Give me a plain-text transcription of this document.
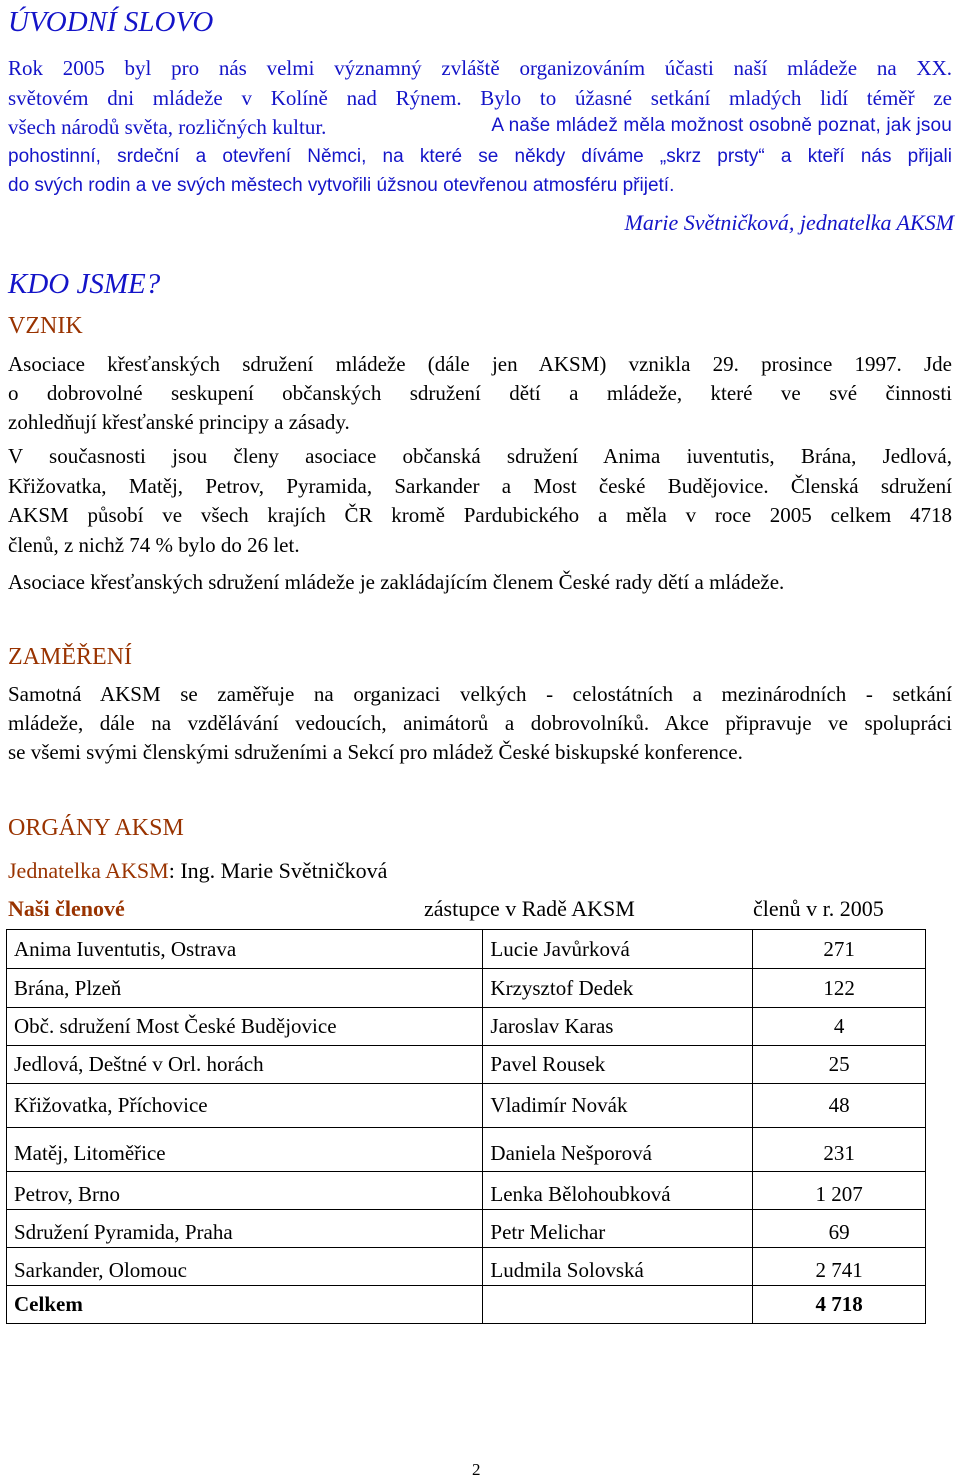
ÚVODNÍ SLOVO
Rok 2005 byl pro nás velmi významný zvláště organizováním účasti naší mládeže na XX.
světovém dni mládeže v Kolíně nad Rýnem. Bylo to úžasné setkání mladých lidí téměř ze
všech národů světa, rozličných kultur.	A naše mládež měla možnost osobně poznat, jak jsou
pohostinní, srdeční a otevření Němci, na které se někdy díváme „skrz prsty“ a kteří nás přijali
do svých rodin a ve svých městech vytvořili úžsnou otevřenou atmosféru přijetí.
Marie Světničková, jednatelka AKSM
KDO JSME?
VZNIK
Asociace křesťanských sdružení mládeže (dále jen AKSM) vznikla 29. prosince 1997. Jde
o dobrovolné seskupení občanských sdružení dětí a mládeže, které ve své činnosti
zohledňují křesťanské principy a zásady.
V současnosti jsou členy asociace občanská sdružení Anima iuventutis, Brána, Jedlová,
Křižovatka, Matěj, Petrov, Pyramida, Sarkander a Most české Budějovice. Členská sdružení
AKSM působí ve všech krajích ČR kromě Pardubického a měla v roce 2005 celkem 4718
členů, z nichž 74 % bylo do 26 let.
Asociace křesťanských sdružení mládeže je zakládajícím členem České rady dětí a mládeže.
ZAMĚŘENÍ
Samotná AKSM se zaměřuje na organizaci velkých - celostátních a mezinárodních - setkání
mládeže, dále na vzdělávání vedoucích, animátorů a dobrovolníků. Akce připravuje ve spolupráci
se všemi svými členskými sdruženími a Sekcí pro mládež České biskupské konference.
ORGÁNY AKSM
Jednatelka AKSM: Ing. Marie Světničková
Naši členové	zástupce v Radě AKSM	členů v r. 2005
Anima Iuventutis, Ostrava	Lucie Javůrková	271
Brána, Plzeň	Krzysztof Dedek	122
Obč. sdružení Most České Budějovice	Jaroslav Karas	4
Jedlová, Deštné v Orl. horách	Pavel Rousek	25
Křižovatka, Příchovice	Vladimír Novák	48
Matěj, Litoměřice	Daniela Nešporová	231
Petrov, Brno	Lenka Bělohoubková	1 207
Sdružení Pyramida, Praha	Petr Melichar	69
Sarkander, Olomouc	Ludmila Solovská	2 741
Celkem		4 718
2
